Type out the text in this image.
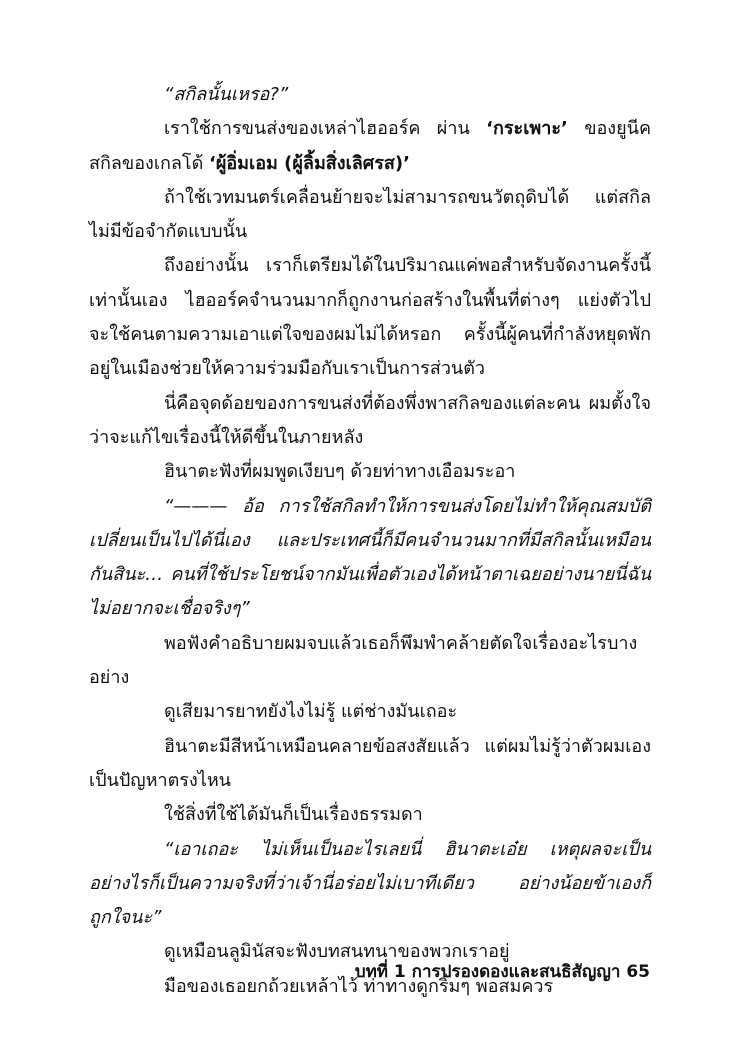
“สกิลนั้นเหรอ?”

เราใช้การขนส่งของเหล่าไฮออร์ค ผ่าน ‘กระเพาะ’ ของยูนีคสกิลของเกลโด้ ‘ผู้อิ่มเอม (ผู้ลิ้มสิ่งเลิศรส)’

ถ้าใช้เวทมนตร์เคลื่อนย้ายจะไม่สามารถขนวัตถุดิบได้ แต่สกิลไม่มีข้อจำกัดแบบนั้น

ถึงอย่างนั้น เราก็เตรียมได้ในปริมาณแค่พอสำหรับจัดงานครั้งนี้เท่านั้นเอง ไฮออร์คจำนวนมากก็ถูกงานก่อสร้างในพื้นที่ต่างๆ แย่งตัวไป จะใช้คนตามความเอาแต่ใจของผมไม่ได้หรอก ครั้งนี้ผู้คนที่กำลังหยุดพักอยู่ในเมืองช่วยให้ความร่วมมือกับเราเป็นการส่วนตัว

นี่คือจุดด้อยของการขนส่งที่ต้องพึ่งพาสกิลของแต่ละคน ผมตั้งใจว่าจะแก้ไขเรื่องนี้ให้ดีขึ้นในภายหลัง

ฮินาตะฟังที่ผมพูดเงียบๆ ด้วยท่าทางเอือมระอา

“——— อ้อ การใช้สกิลทำให้การขนส่งโดยไม่ทำให้คุณสมบัติเปลี่ยนเป็นไปได้นี่เอง และประเทศนี้ก็มีคนจำนวนมากที่มีสกิลนั้นเหมือนกันสินะ… คนที่ใช้ประโยชน์จากมันเพื่อตัวเองได้หน้าตาเฉยอย่างนายนี่ฉันไม่อยากจะเชื่อจริงๆ”

พอฟังคำอธิบายผมจบแล้วเธอก็พึมพำคล้ายตัดใจเรื่องอะไรบางอย่าง

ดูเสียมารยาทยังไงไม่รู้ แต่ช่างมันเถอะ

ฮินาตะมีสีหน้าเหมือนคลายข้อสงสัยแล้ว แต่ผมไม่รู้ว่าตัวผมเองเป็นปัญหาตรงไหน

ใช้สิ่งที่ใช้ได้มันก็เป็นเรื่องธรรมดา

“เอาเถอะ ไม่เห็นเป็นอะไรเลยนี่ ฮินาตะเอ๋ย เหตุผลจะเป็นอย่างไรก็เป็นความจริงที่ว่าเจ้านี่อร่อยไม่เบาทีเดียว อย่างน้อยข้าเองก็ถูกใจนะ”

ดูเหมือนลูมินัสจะฟังบทสนทนาของพวกเราอยู่

มือของเธอยกถ้วยเหล้าไว้ ท่าทางดูกริ่มๆ พอสมควร

บทที่ 1 การปรองดองและสนธิสัญญา 65
